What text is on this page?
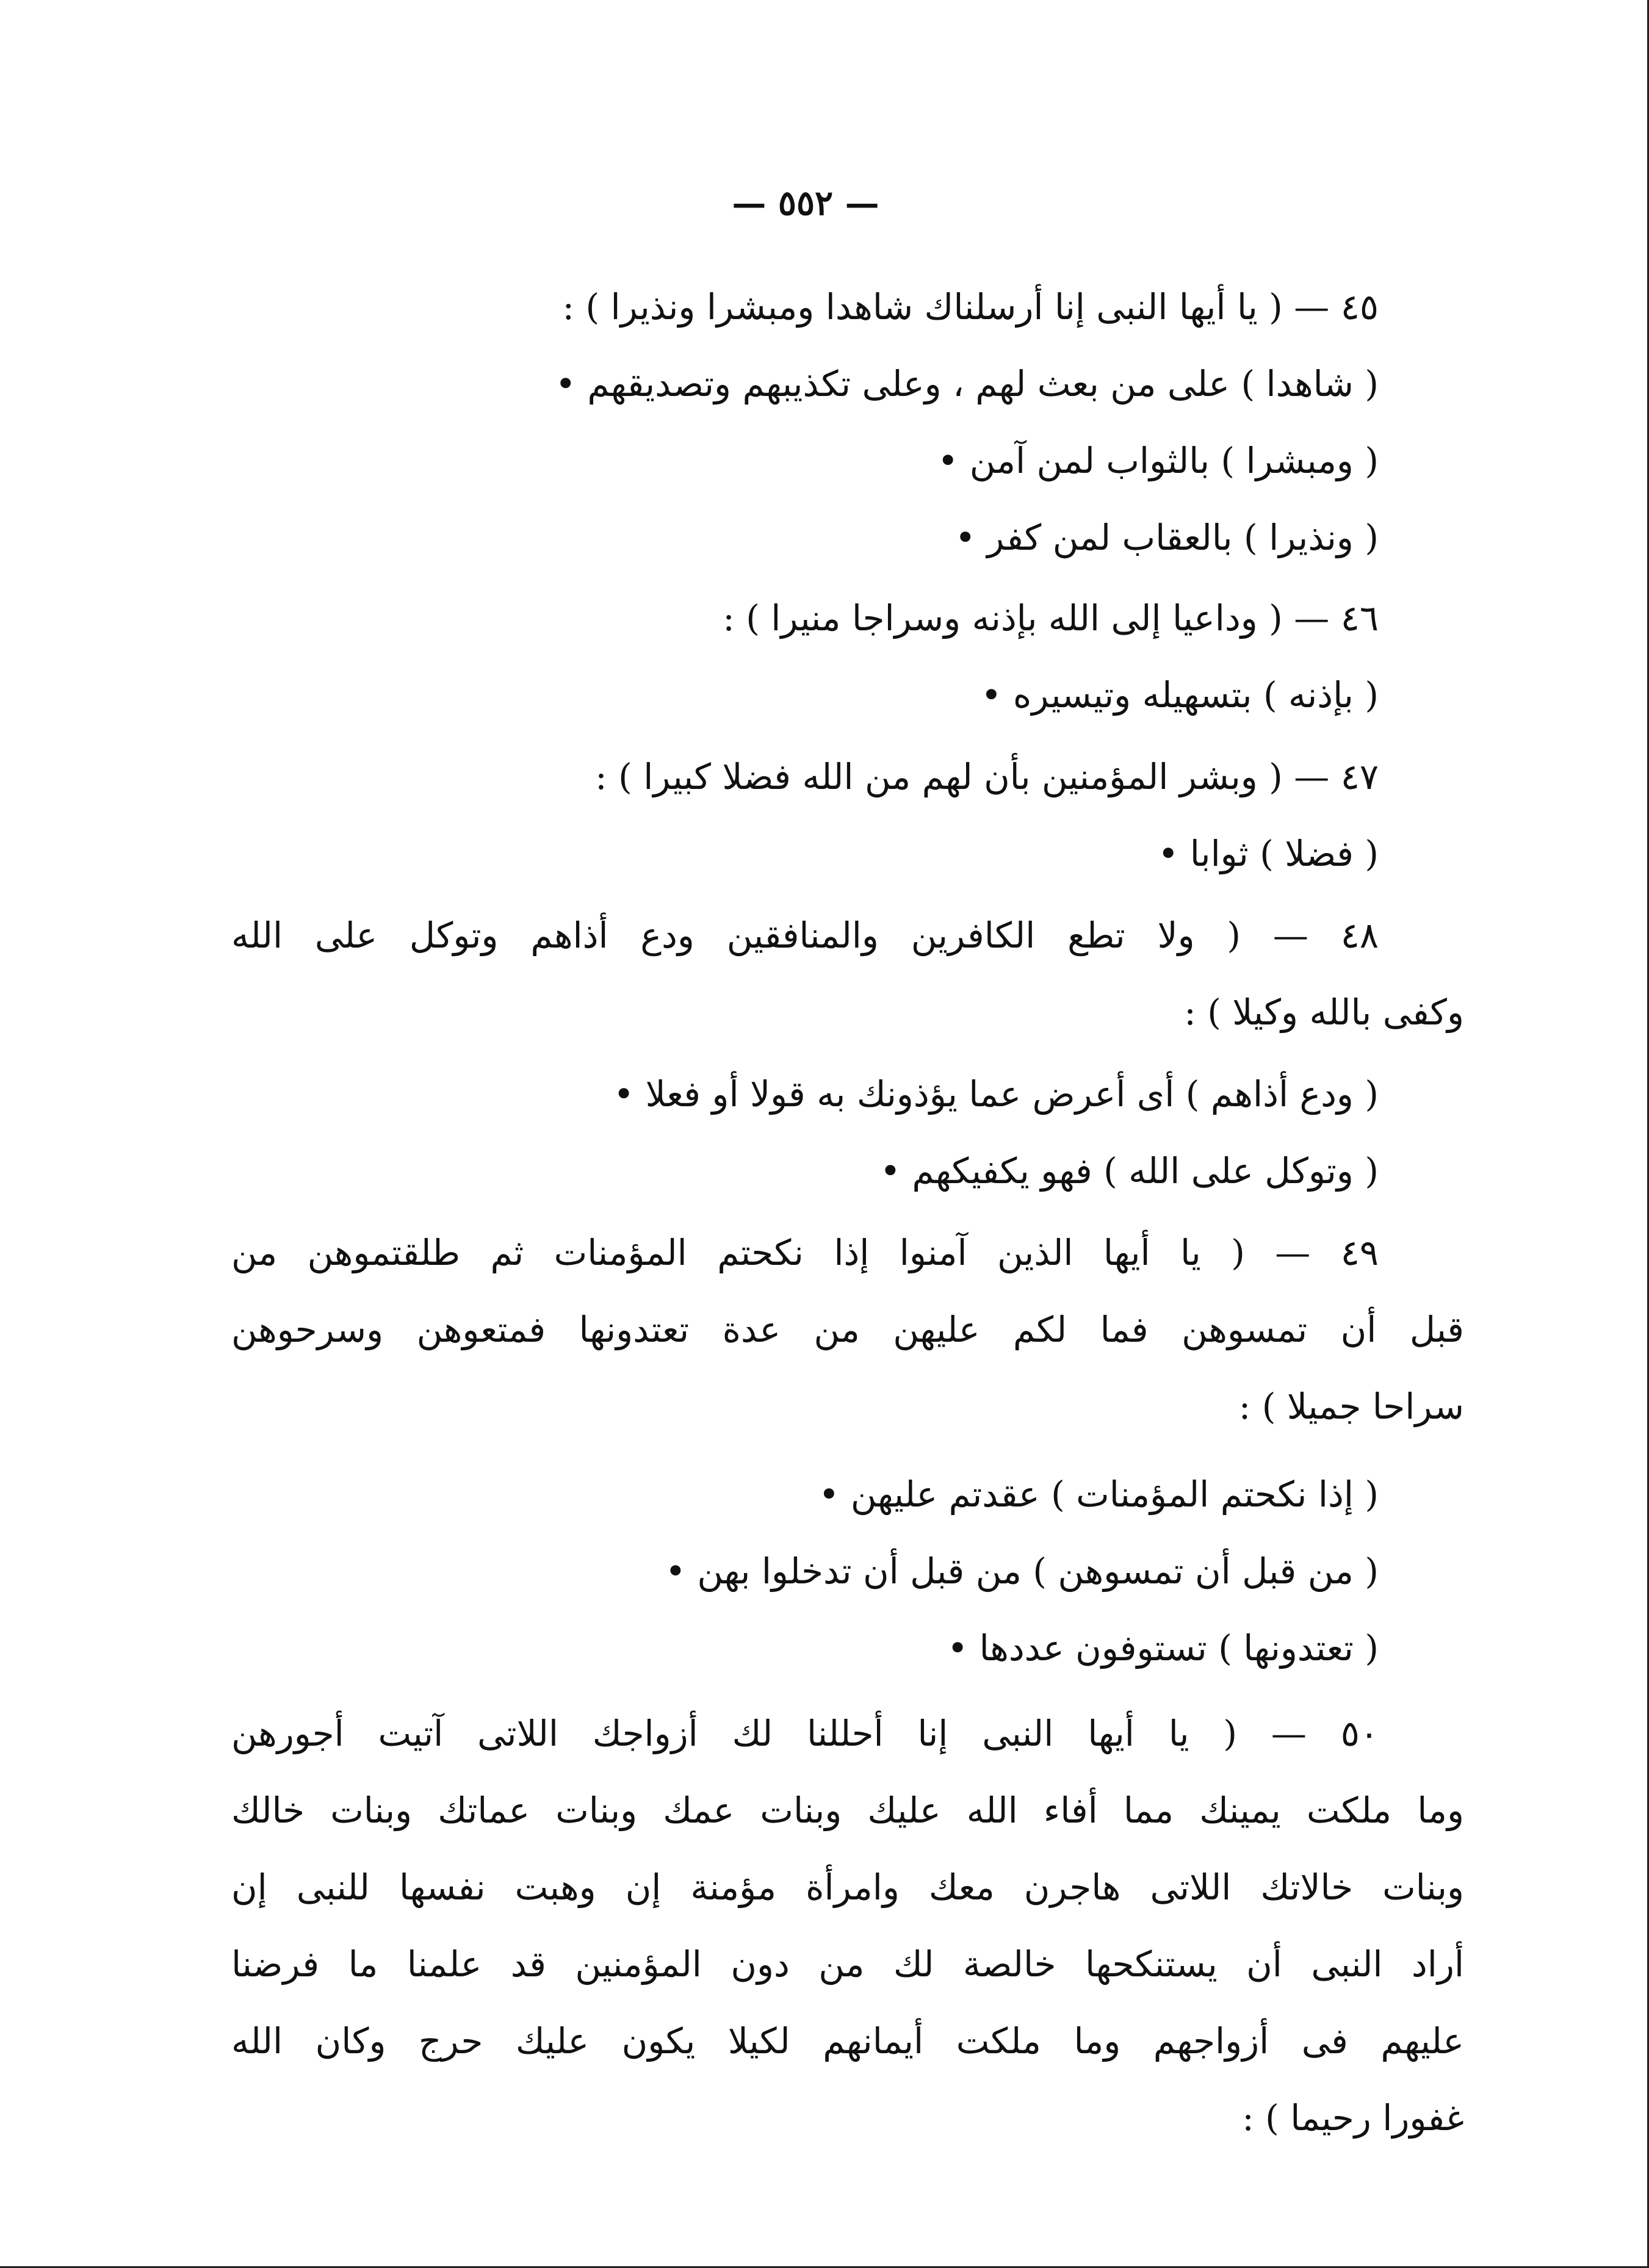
— ٥٥٢ —
٤٥ — ( يا أيها النبى إنا أرسلناك شاهدا ومبشرا ونذيرا ) :
( شاهدا ) على من بعث لهم ، وعلى تكذيبهم وتصديقهم •
( ومبشرا ) بالثواب لمن آمن •
( ونذيرا ) بالعقاب لمن كفر •
٤٦ — ( وداعيا إلى الله بإذنه وسراجا منيرا ) :
( بإذنه ) بتسهيله وتيسيره •
٤٧ — ( وبشر المؤمنين بأن لهم من الله فضلا كبيرا ) :
( فضلا ) ثوابا •
٤٨ — ( ولا تطع الكافرين والمنافقين ودع أذاهم وتوكل على الله
وكفى بالله وكيلا ) :
( ودع أذاهم ) أى أعرض عما يؤذونك به قولا أو فعلا •
( وتوكل على الله ) فهو يكفيكهم •
٤٩ — ( يا أيها الذين آمنوا إذا نكحتم المؤمنات ثم طلقتموهن من
قبل أن تمسوهن فما لكم عليهن من عدة تعتدونها فمتعوهن وسرحوهن
سراحا جميلا ) :
( إذا نكحتم المؤمنات ) عقدتم عليهن •
( من قبل أن تمسوهن ) من قبل أن تدخلوا بهن •
( تعتدونها ) تستوفون عددها •
٥٠ — ( يا أيها النبى إنا أحللنا لك أزواجك اللاتى آتيت أجورهن
وما ملكت يمينك مما أفاء الله عليك وبنات عمك وبنات عماتك وبنات خالك
وبنات خالاتك اللاتى هاجرن معك وامرأة مؤمنة إن وهبت نفسها للنبى إن
أراد النبى أن يستنكحها خالصة لك من دون المؤمنين قد علمنا ما فرضنا
عليهم فى أزواجهم وما ملكت أيمانهم لكيلا يكون عليك حرج وكان الله
غفورا رحيما ) :
